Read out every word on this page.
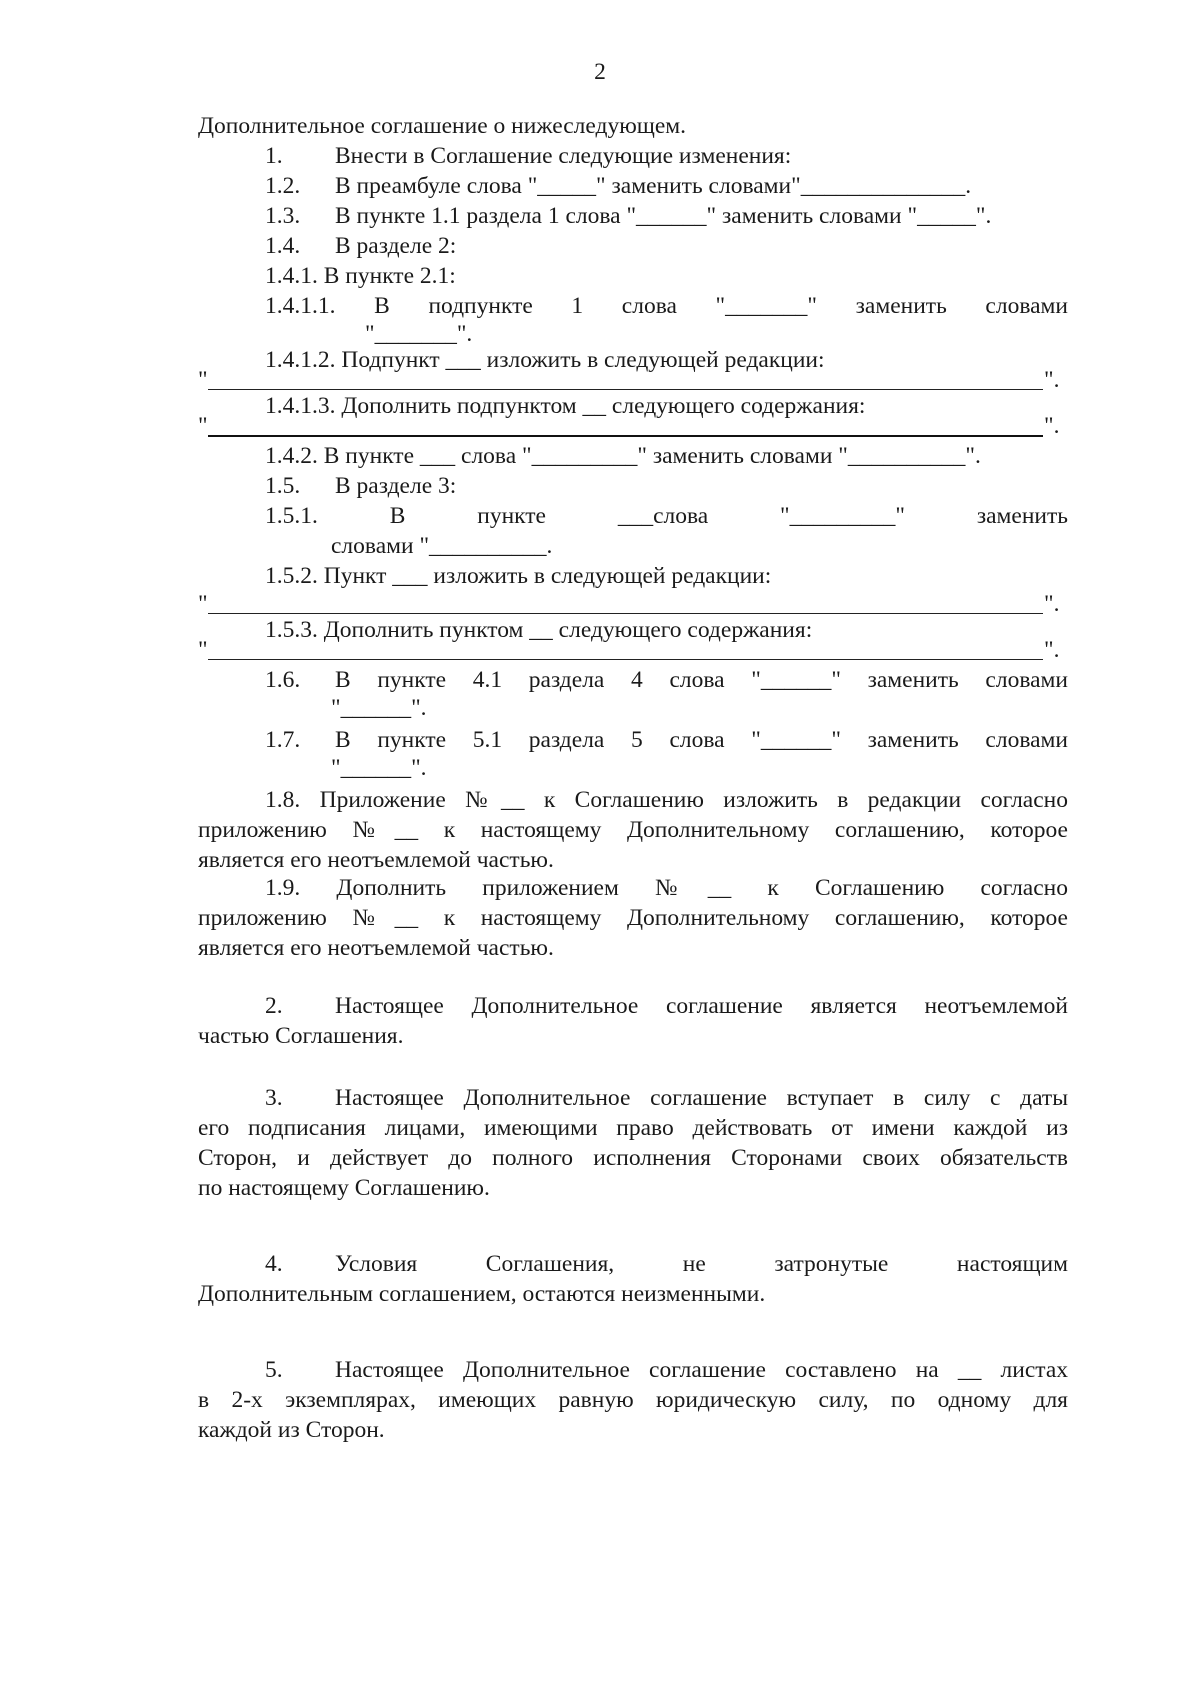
2
Дополнительное соглашение о нижеследующем.
1. Внести в Соглашение следующие изменения:
1.2. В преамбуле слова "_____" заменить словами"______________.
1.3. В пункте 1.1 раздела 1 слова "______" заменить словами "_____".
1.4. В разделе 2:
1.4.1. В пункте 2.1:
1.4.1.1. В подпункте 1 слова "_______" заменить словами
"_______".
1.4.1.2. Подпункт ___ изложить в следующей редакции:
"	".
1.4.1.3. Дополнить подпунктом __ следующего содержания:
"	".
1.4.2. В пункте ___ слова "_________" заменить словами "__________".
1.5. В разделе 3:
1.5.1. В пункте ___слова "_________" заменить
словами "__________.
1.5.2. Пункт ___ изложить в следующей редакции:
"	".
1.5.3. Дополнить пунктом __ следующего содержания:
"	".
1.6. В пункте 4.1 раздела 4 слова "______" заменить словами
"______".
1.7. В пункте 5.1 раздела 5 слова "______" заменить словами
"______".
1.8. Приложение №__ к Соглашению изложить в редакции согласно
приложению №__ к настоящему Дополнительному соглашению, которое
является его неотъемлемой частью.
1.9. Дополнить приложением №__ к Соглашению согласно
приложению №__ к настоящему Дополнительному соглашению, которое
является его неотъемлемой частью.
2. Настоящее Дополнительное соглашение является неотъемлемой
частью Соглашения.
3. Настоящее Дополнительное соглашение вступает в силу с даты
его подписания лицами, имеющими право действовать от имени каждой из
Сторон, и действует до полного исполнения Сторонами своих обязательств
по настоящему Соглашению.
4. Условия Соглашения, не затронутые настоящим
Дополнительным соглашением, остаются неизменными.
5. Настоящее Дополнительное соглашение составлено на __ листах
в 2-х экземплярах, имеющих равную юридическую силу, по одному для
каждой из Сторон.
